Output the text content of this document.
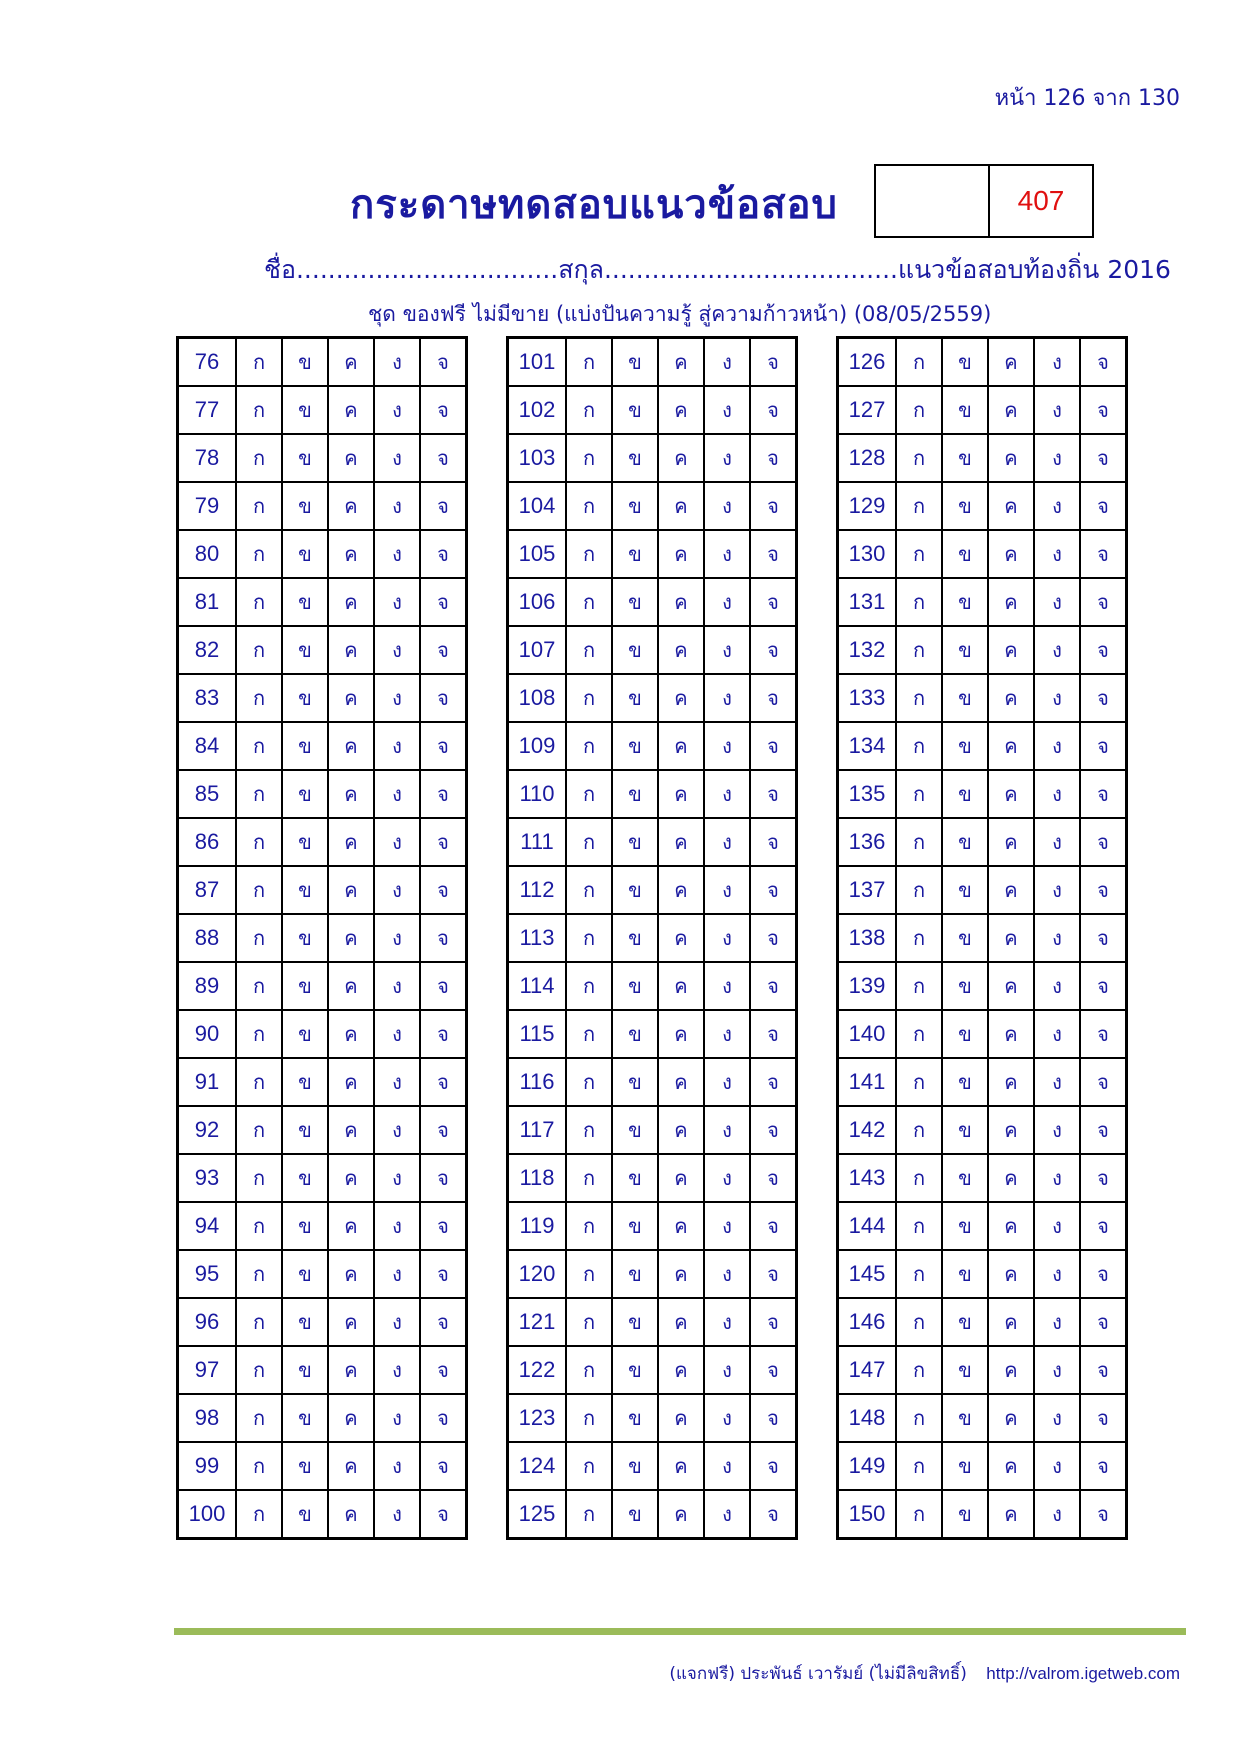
หน้า 126 จาก 130
กระดาษทดสอบแนวข้อสอบ	407
ชื่อ.................................สกุล.....................................แนวข้อสอบท้องถิ่น 2016
ชุด ของฟรี ไม่มีขาย (แบ่งปันความรู้ สู่ความก้าวหน้า) (08/05/2559)
76	ก	ข	ค	ง	จ
77	ก	ข	ค	ง	จ
78	ก	ข	ค	ง	จ
79	ก	ข	ค	ง	จ
80	ก	ข	ค	ง	จ
81	ก	ข	ค	ง	จ
82	ก	ข	ค	ง	จ
83	ก	ข	ค	ง	จ
84	ก	ข	ค	ง	จ
85	ก	ข	ค	ง	จ
86	ก	ข	ค	ง	จ
87	ก	ข	ค	ง	จ
88	ก	ข	ค	ง	จ
89	ก	ข	ค	ง	จ
90	ก	ข	ค	ง	จ
91	ก	ข	ค	ง	จ
92	ก	ข	ค	ง	จ
93	ก	ข	ค	ง	จ
94	ก	ข	ค	ง	จ
95	ก	ข	ค	ง	จ
96	ก	ข	ค	ง	จ
97	ก	ข	ค	ง	จ
98	ก	ข	ค	ง	จ
99	ก	ข	ค	ง	จ
100	ก	ข	ค	ง	จ
101	ก	ข	ค	ง	จ
102	ก	ข	ค	ง	จ
103	ก	ข	ค	ง	จ
104	ก	ข	ค	ง	จ
105	ก	ข	ค	ง	จ
106	ก	ข	ค	ง	จ
107	ก	ข	ค	ง	จ
108	ก	ข	ค	ง	จ
109	ก	ข	ค	ง	จ
110	ก	ข	ค	ง	จ
111	ก	ข	ค	ง	จ
112	ก	ข	ค	ง	จ
113	ก	ข	ค	ง	จ
114	ก	ข	ค	ง	จ
115	ก	ข	ค	ง	จ
116	ก	ข	ค	ง	จ
117	ก	ข	ค	ง	จ
118	ก	ข	ค	ง	จ
119	ก	ข	ค	ง	จ
120	ก	ข	ค	ง	จ
121	ก	ข	ค	ง	จ
122	ก	ข	ค	ง	จ
123	ก	ข	ค	ง	จ
124	ก	ข	ค	ง	จ
125	ก	ข	ค	ง	จ
126	ก	ข	ค	ง	จ
127	ก	ข	ค	ง	จ
128	ก	ข	ค	ง	จ
129	ก	ข	ค	ง	จ
130	ก	ข	ค	ง	จ
131	ก	ข	ค	ง	จ
132	ก	ข	ค	ง	จ
133	ก	ข	ค	ง	จ
134	ก	ข	ค	ง	จ
135	ก	ข	ค	ง	จ
136	ก	ข	ค	ง	จ
137	ก	ข	ค	ง	จ
138	ก	ข	ค	ง	จ
139	ก	ข	ค	ง	จ
140	ก	ข	ค	ง	จ
141	ก	ข	ค	ง	จ
142	ก	ข	ค	ง	จ
143	ก	ข	ค	ง	จ
144	ก	ข	ค	ง	จ
145	ก	ข	ค	ง	จ
146	ก	ข	ค	ง	จ
147	ก	ข	ค	ง	จ
148	ก	ข	ค	ง	จ
149	ก	ข	ค	ง	จ
150	ก	ข	ค	ง	จ
(แจกฟรี) ประพันธ์ เวารัมย์ (ไม่มีลิขสิทธิ์) http://valrom.igetweb.com
